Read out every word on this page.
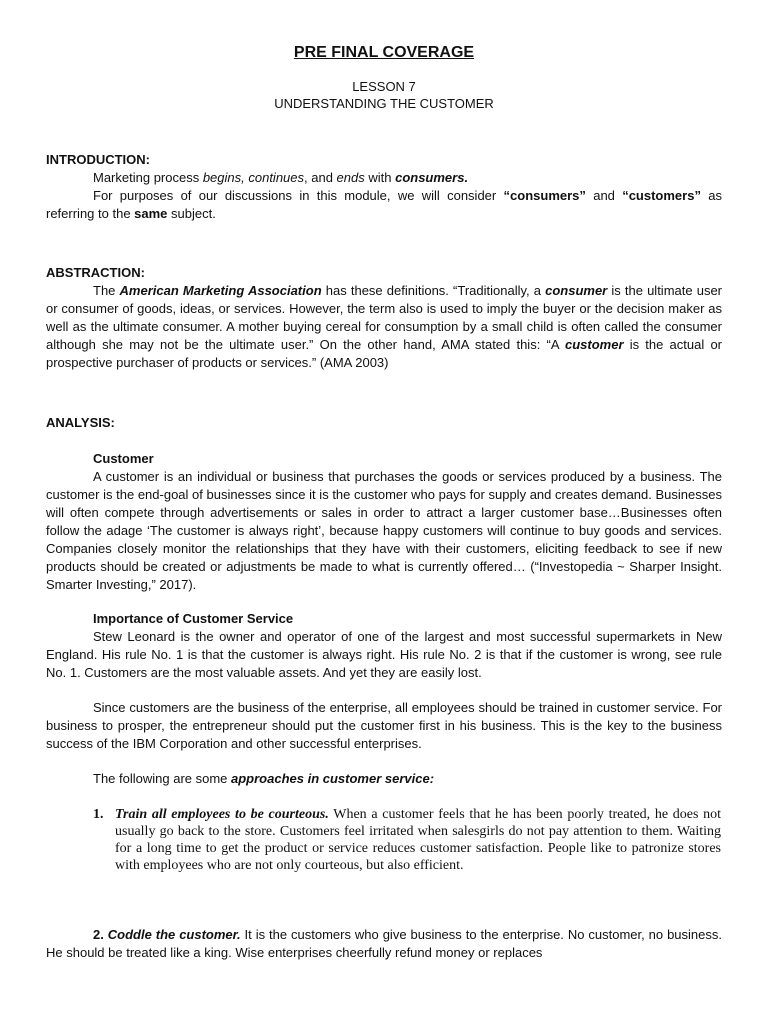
PRE FINAL COVERAGE
LESSON 7
UNDERSTANDING THE CUSTOMER
INTRODUCTION:

Marketing process begins, continues, and ends with consumers.

For purposes of our discussions in this module, we will consider “consumers” and “customers” as referring to the same subject.

ABSTRACTION:

The American Marketing Association has these definitions. “Traditionally, a consumer is the ultimate user or consumer of goods, ideas, or services. However, the term also is used to imply the buyer or the decision maker as well as the ultimate consumer. A mother buying cereal for consumption by a small child is often called the consumer although she may not be the ultimate user.” On the other hand, AMA stated this: “A customer is the actual or prospective purchaser of products or services.” (AMA 2003)

ANALYSIS:
Customer

A customer is an individual or business that purchases the goods or services produced by a business. The customer is the end-goal of businesses since it is the customer who pays for supply and creates demand. Businesses will often compete through advertisements or sales in order to attract a larger customer base…Businesses often follow the adage ‘The customer is always right’, because happy customers will continue to buy goods and services. Companies closely monitor the relationships that they have with their customers, eliciting feedback to see if new products should be created or adjustments be made to what is currently offered… (“Investopedia ~ Sharper Insight. Smarter Investing,” 2017).

Importance of Customer Service

Stew Leonard is the owner and operator of one of the largest and most successful supermarkets in New England. His rule No. 1 is that the customer is always right. His rule No. 2 is that if the customer is wrong, see rule No. 1. Customers are the most valuable assets. And yet they are easily lost.

Since customers are the business of the enterprise, all employees should be trained in customer service. For business to prosper, the entrepreneur should put the customer first in his business. This is the key to the business success of the IBM Corporation and other successful enterprises.

The following are some approaches in customer service:

1. Train all employees to be courteous. When a customer feels that he has been poorly treated, he does not usually go back to the store. Customers feel irritated when salesgirls do not pay attention to them. Waiting for a long time to get the product or service reduces customer satisfaction. People like to patronize stores with employees who are not only courteous, but also efficient.

2. Coddle the customer. It is the customers who give business to the enterprise. No customer, no business. He should be treated like a king. Wise enterprises cheerfully refund money or replaces
